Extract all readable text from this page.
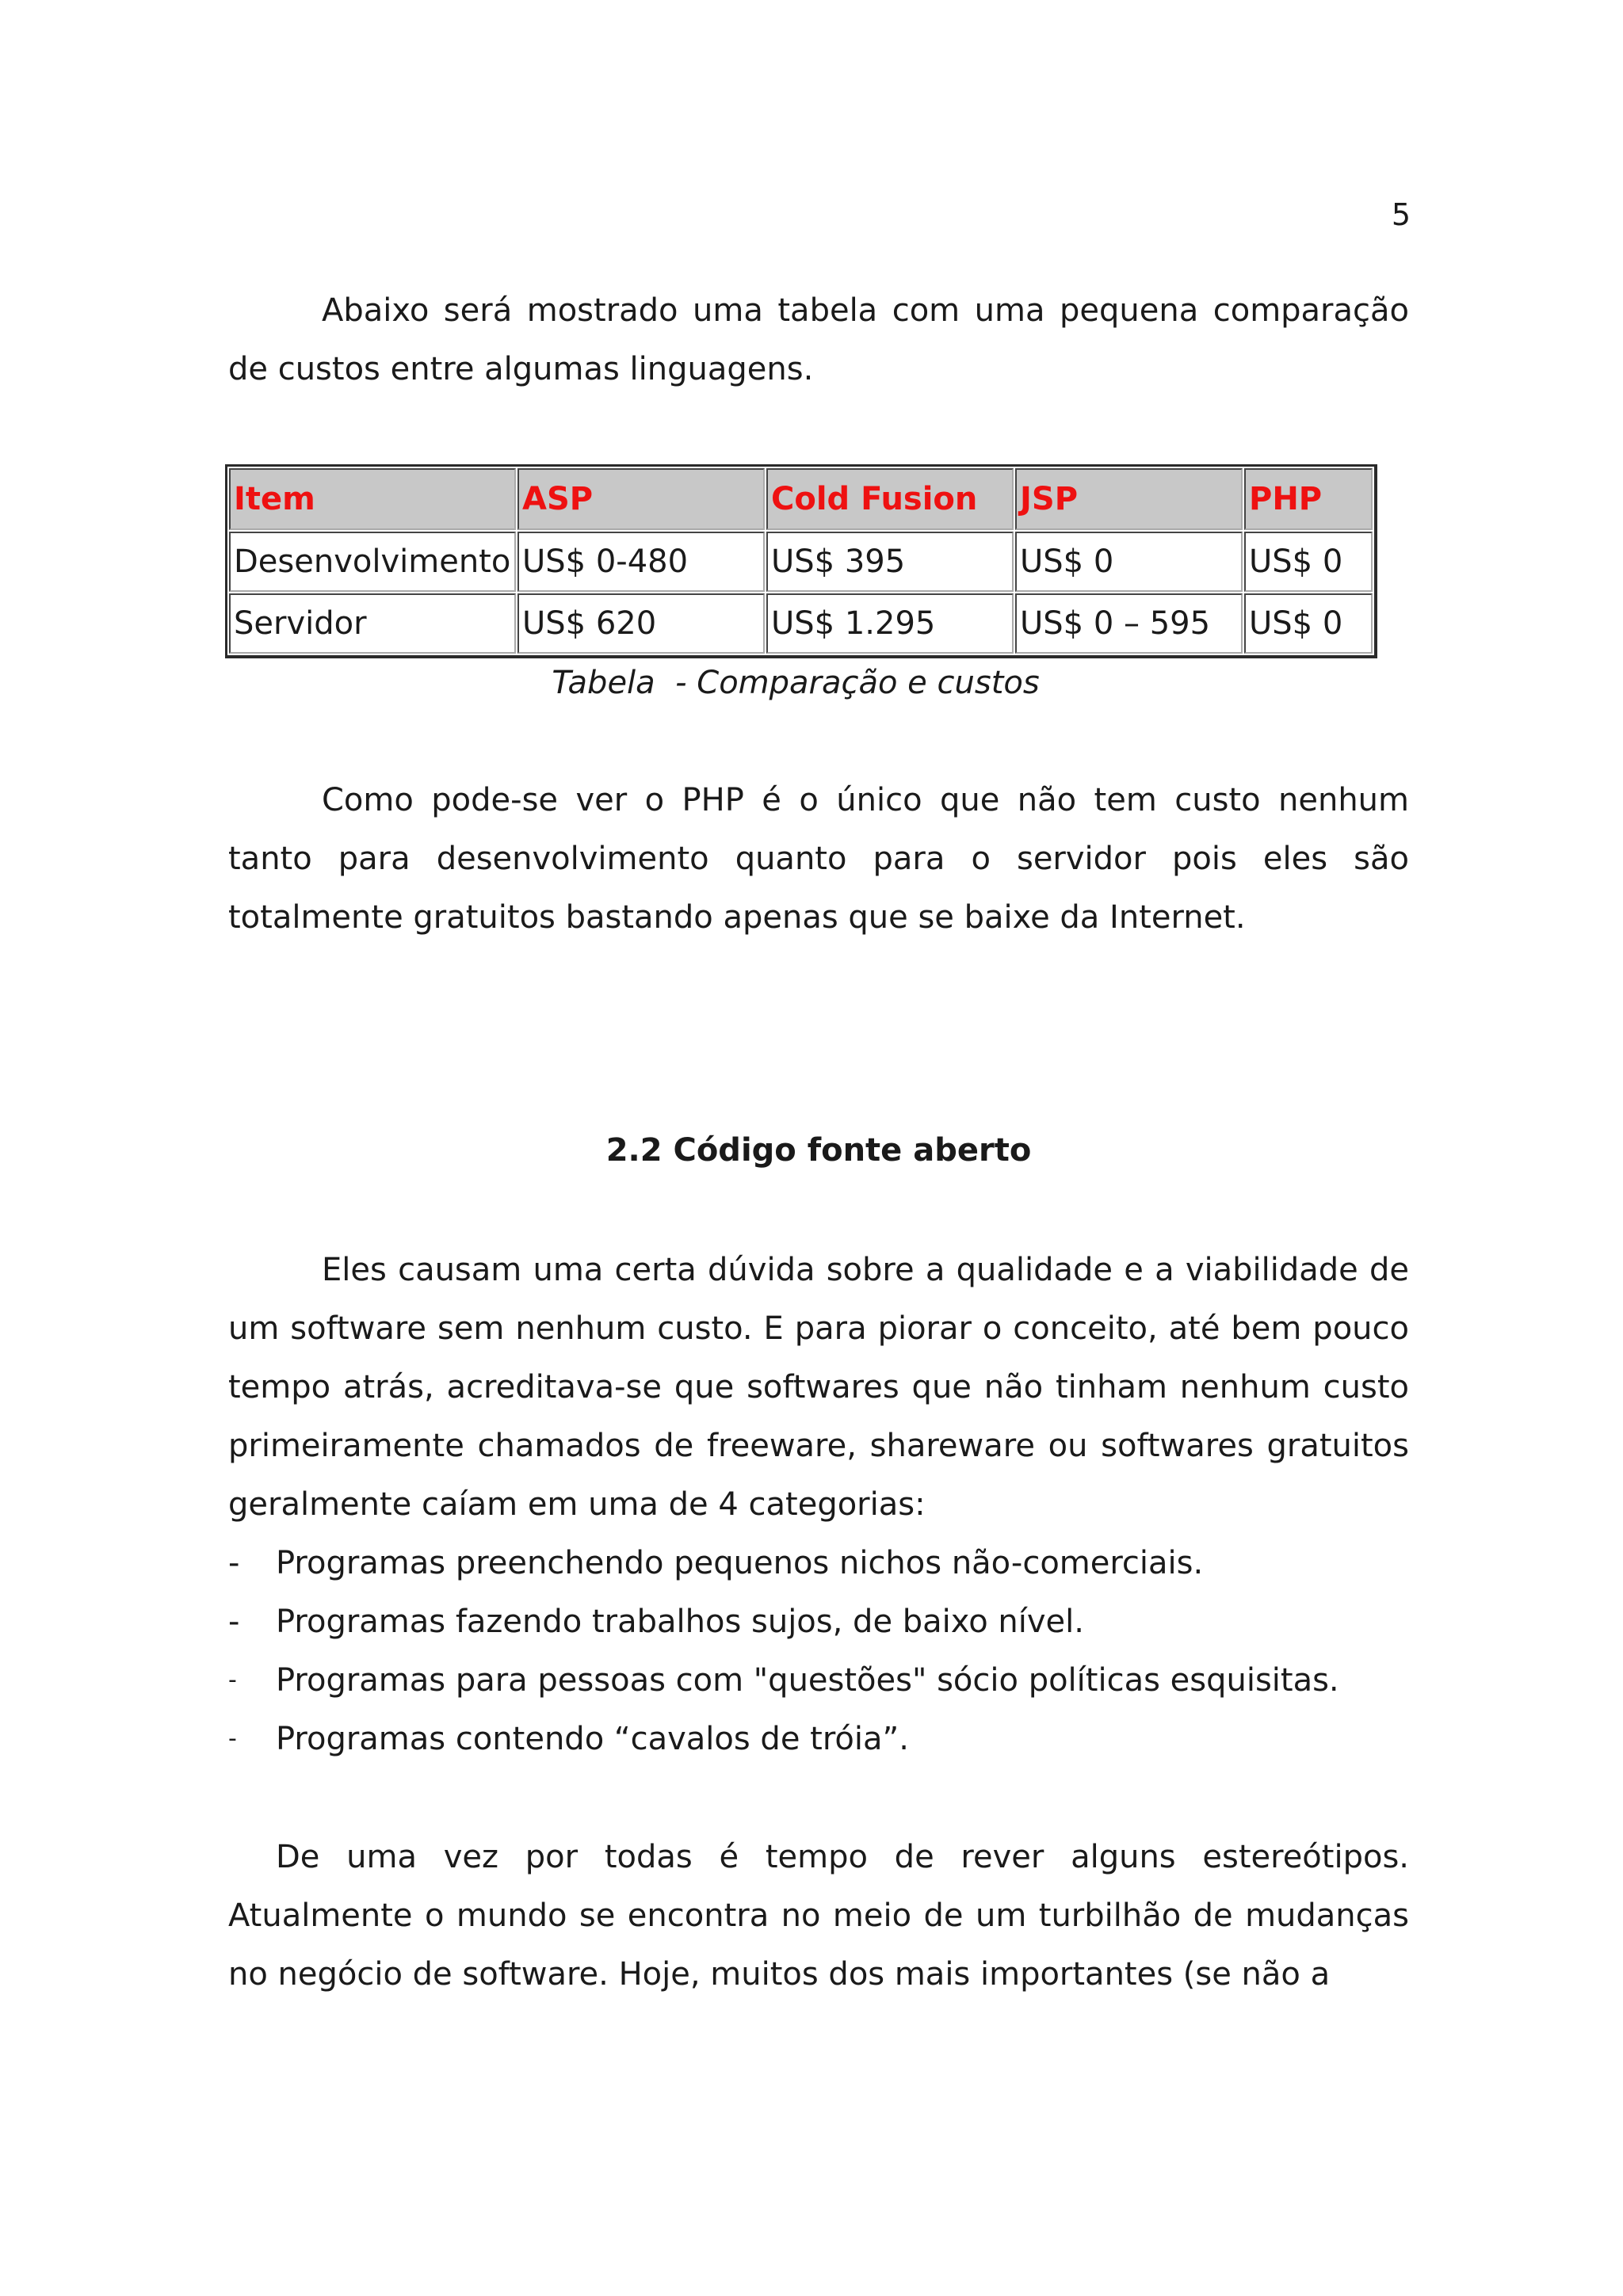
5

Abaixo será mostrado uma tabela com uma pequena comparação de custos entre algumas linguagens.

Item	ASP	Cold Fusion	JSP	PHP
Desenvolvimento	US$ 0-480	US$ 395	US$ 0	US$ 0
Servidor	US$ 620	US$ 1.295	US$ 0 – 595	US$ 0
Tabela  - Comparação e custos

Como pode-se ver o PHP é o único que não tem custo nenhum tanto para desenvolvimento quanto para o servidor pois eles são totalmente gratuitos bastando apenas que se baixe da Internet.

2.2 Código fonte aberto

Eles causam uma certa dúvida sobre a qualidade e a viabilidade de um software sem nenhum custo. E para piorar o conceito, até bem pouco tempo atrás, acreditava-se que softwares que não tinham nenhum custo primeiramente chamados de freeware, shareware ou softwares gratuitos geralmente caíam em uma de 4 categorias:

-	Programas preenchendo pequenos nichos não-comerciais.
-	Programas fazendo trabalhos sujos, de baixo nível.
-	Programas para pessoas com "questões" sócio políticas esquisitas.
-	Programas contendo “cavalos de tróia”.

De uma vez por todas é tempo de rever alguns estereótipos. Atualmente o mundo se encontra no meio de um turbilhão de mudanças no negócio de software. Hoje, muitos dos mais importantes (se não a
